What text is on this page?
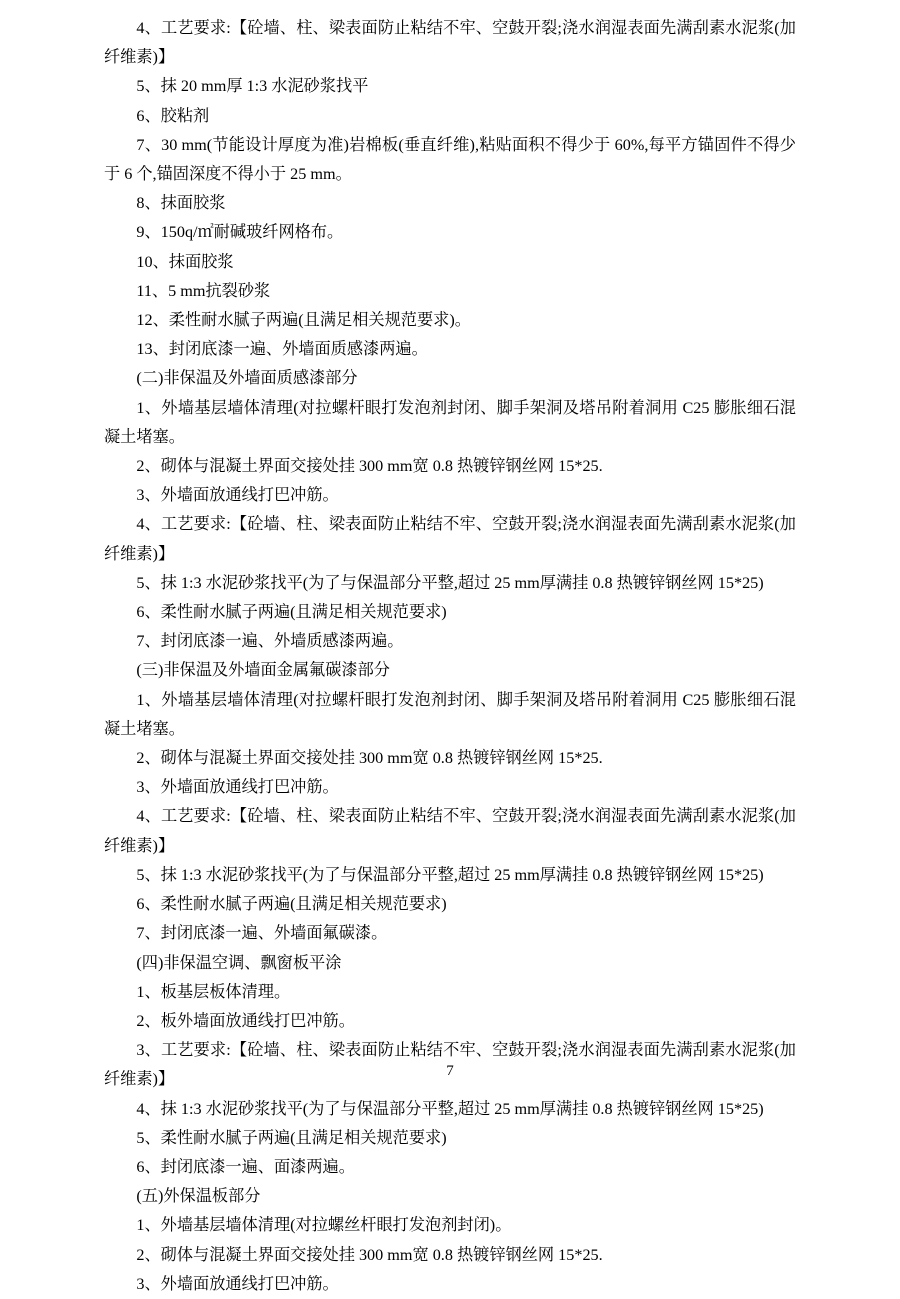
4、工艺要求:【砼墙、柱、梁表面防止粘结不牢、空鼓开裂;浇水润湿表面先满刮素水泥浆(加纤维素)】
5、抹 20 mm厚 1:3 水泥砂浆找平
6、胶粘剂
7、30 mm(节能设计厚度为准)岩棉板(垂直纤维),粘贴面积不得少于 60%,每平方锚固件不得少于 6 个,锚固深度不得小于 25 mm。
8、抹面胶浆
9、150q/㎡耐碱玻纤网格布。
10、抹面胶浆
11、5 mm抗裂砂浆
12、柔性耐水腻子两遍(且满足相关规范要求)。
13、封闭底漆一遍、外墙面质感漆两遍。
(二)非保温及外墙面质感漆部分
1、外墙基层墙体清理(对拉螺杆眼打发泡剂封闭、脚手架洞及塔吊附着洞用 C25 膨胀细石混凝土堵塞。
2、砌体与混凝土界面交接处挂 300 mm宽 0.8 热镀锌钢丝网 15*25.
3、外墙面放通线打巴冲筋。
4、工艺要求:【砼墙、柱、梁表面防止粘结不牢、空鼓开裂;浇水润湿表面先满刮素水泥浆(加纤维素)】
5、抹 1:3 水泥砂浆找平(为了与保温部分平整,超过 25 mm厚满挂 0.8 热镀锌钢丝网 15*25)
6、柔性耐水腻子两遍(且满足相关规范要求)
7、封闭底漆一遍、外墙质感漆两遍。
(三)非保温及外墙面金属氟碳漆部分
1、外墙基层墙体清理(对拉螺杆眼打发泡剂封闭、脚手架洞及塔吊附着洞用 C25 膨胀细石混凝土堵塞。
2、砌体与混凝土界面交接处挂 300 mm宽 0.8 热镀锌钢丝网 15*25.
3、外墙面放通线打巴冲筋。
4、工艺要求:【砼墙、柱、梁表面防止粘结不牢、空鼓开裂;浇水润湿表面先满刮素水泥浆(加纤维素)】
5、抹 1:3 水泥砂浆找平(为了与保温部分平整,超过 25 mm厚满挂 0.8 热镀锌钢丝网 15*25)
6、柔性耐水腻子两遍(且满足相关规范要求)
7、封闭底漆一遍、外墙面氟碳漆。
(四)非保温空调、飘窗板平涂
1、板基层板体清理。
2、板外墙面放通线打巴冲筋。
3、工艺要求:【砼墙、柱、梁表面防止粘结不牢、空鼓开裂;浇水润湿表面先满刮素水泥浆(加纤维素)】
4、抹 1:3 水泥砂浆找平(为了与保温部分平整,超过 25 mm厚满挂 0.8 热镀锌钢丝网 15*25)
5、柔性耐水腻子两遍(且满足相关规范要求)
6、封闭底漆一遍、面漆两遍。
(五)外保温板部分
1、外墙基层墙体清理(对拉螺丝杆眼打发泡剂封闭)。
2、砌体与混凝土界面交接处挂 300 mm宽 0.8 热镀锌钢丝网 15*25.
3、外墙面放通线打巴冲筋。
7
